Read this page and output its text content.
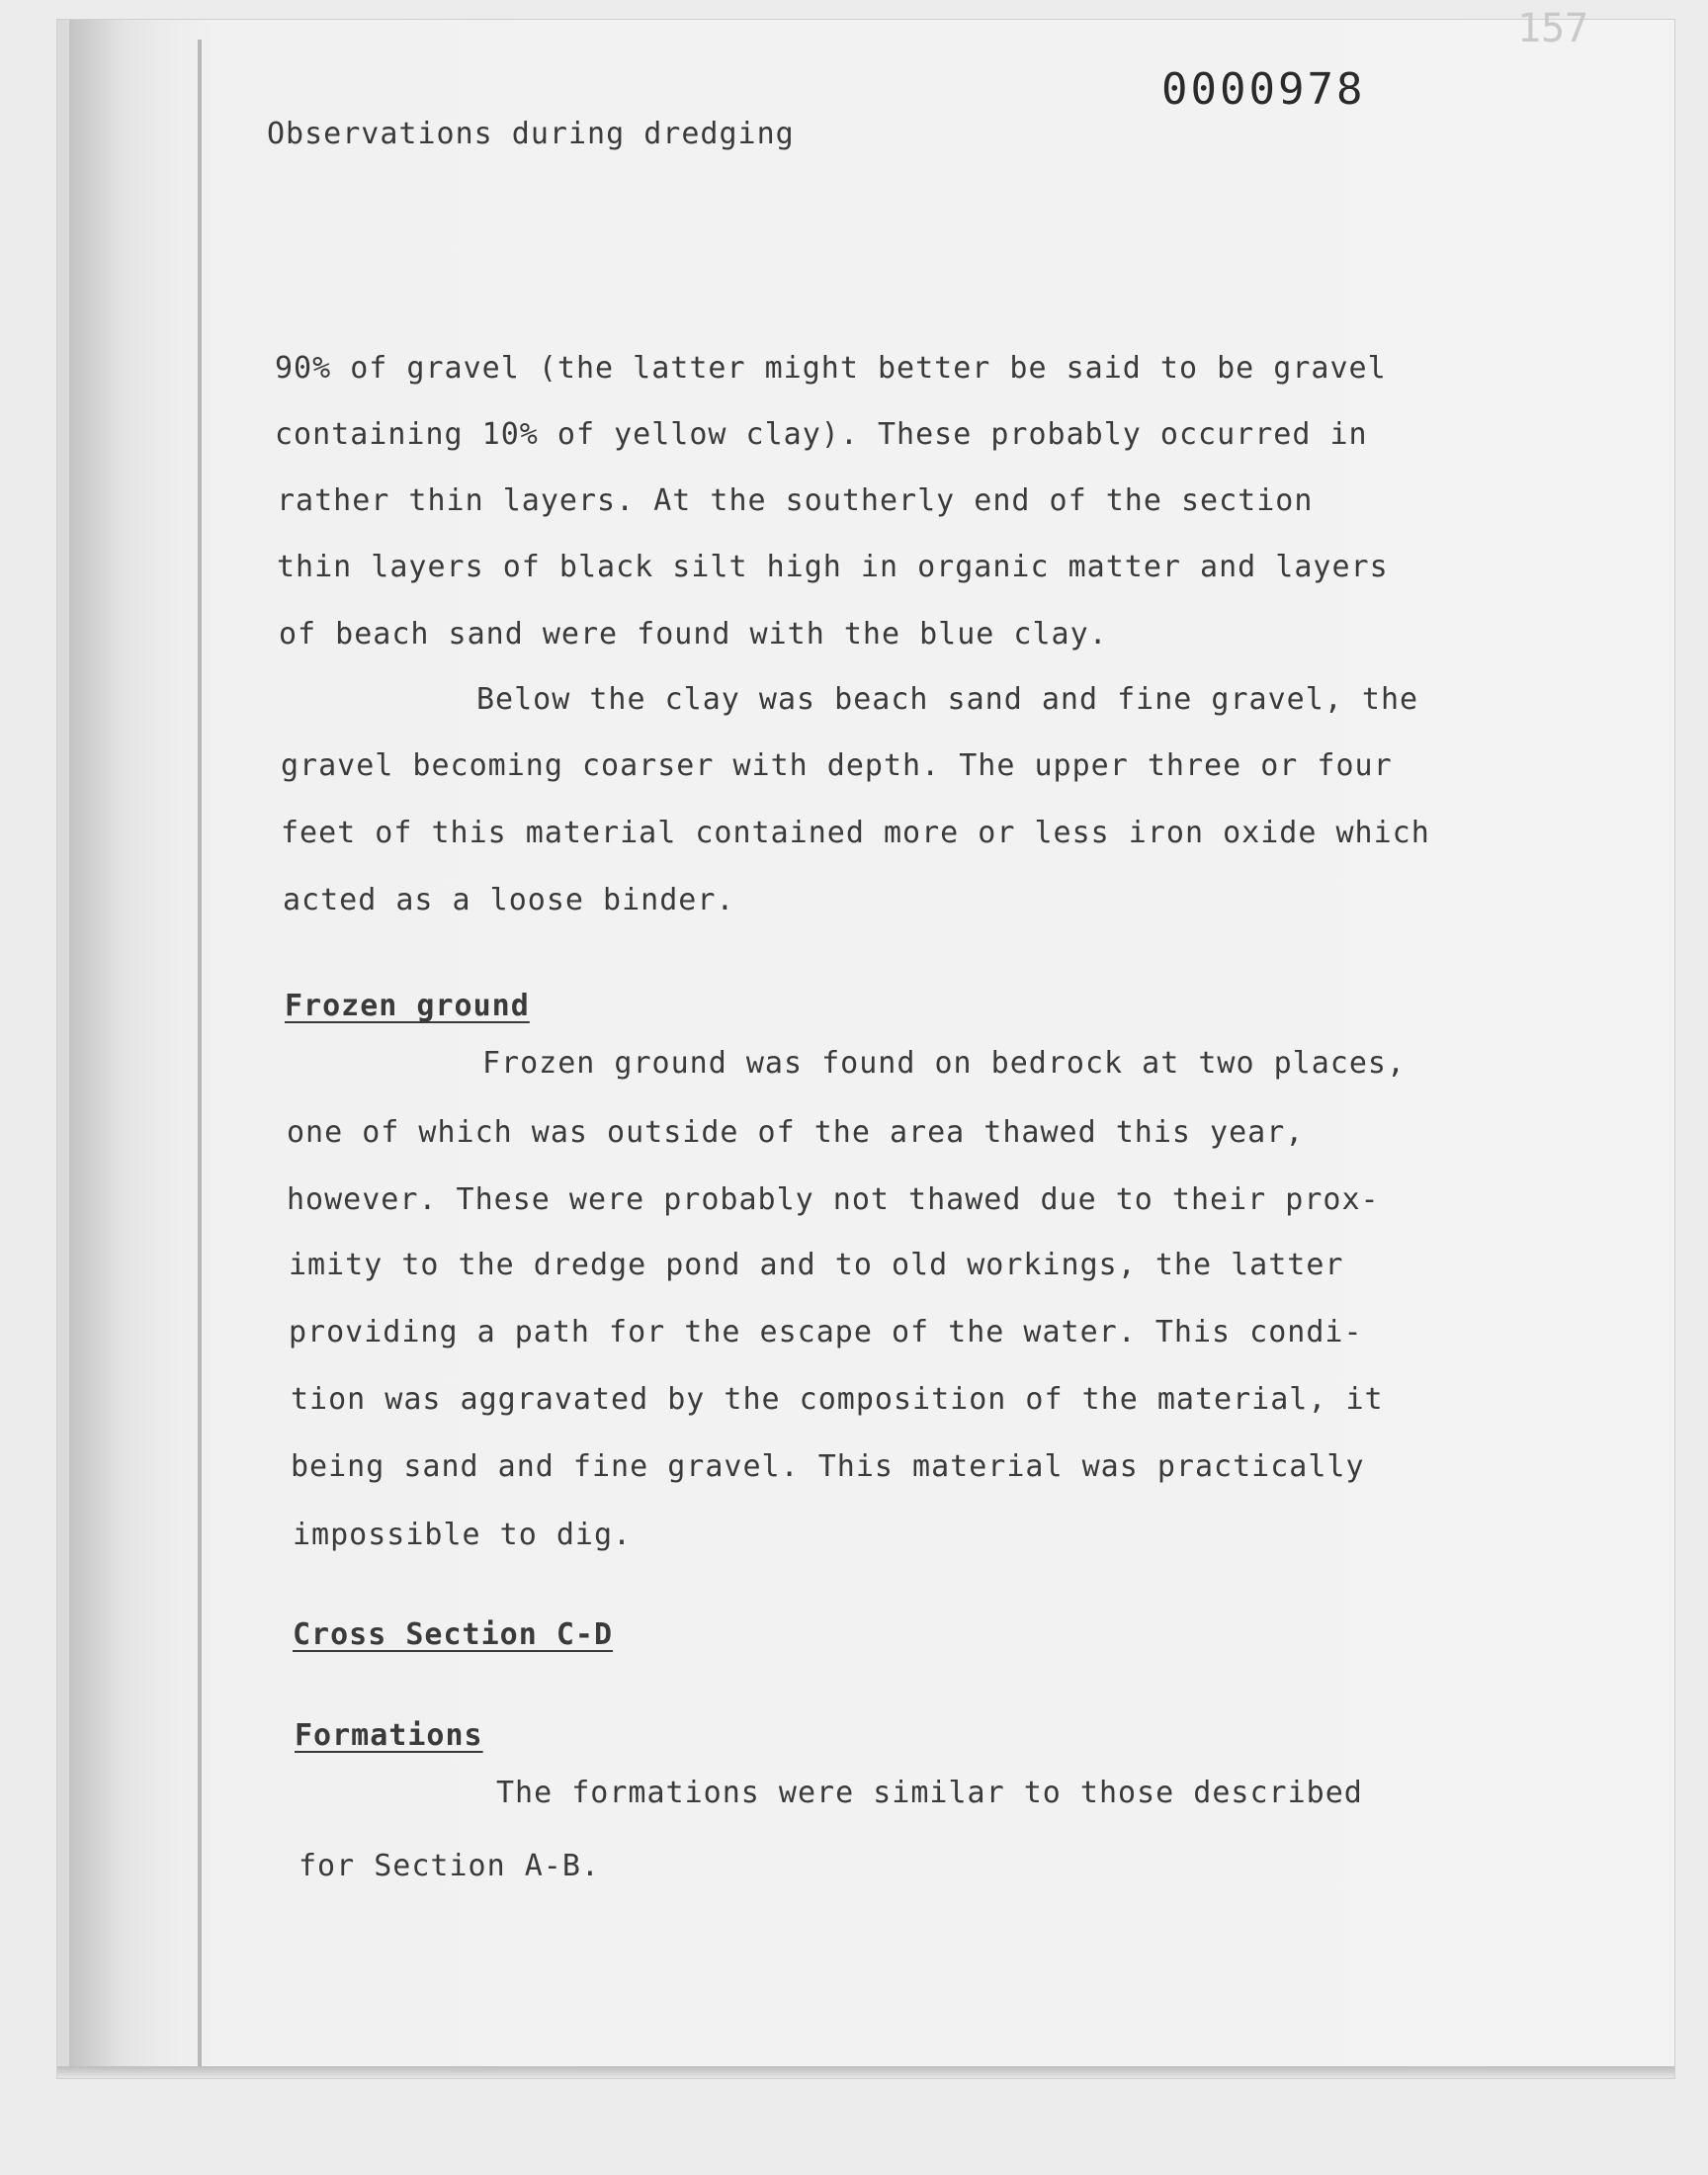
157
0000978
Observations during dredging
90% of gravel (the latter might better be said to be gravel
containing 10% of yellow clay). These probably occurred in
rather thin layers. At the southerly end of the section
thin layers of black silt high in organic matter and layers
of beach sand were found with the blue clay.
Below the clay was beach sand and fine gravel, the
gravel becoming coarser with depth. The upper three or four
feet of this material contained more or less iron oxide which
acted as a loose binder.
Frozen ground
Frozen ground was found on bedrock at two places,
one of which was outside of the area thawed this year,
however. These were probably not thawed due to their prox-
imity to the dredge pond and to old workings, the latter
providing a path for the escape of the water. This condi-
tion was aggravated by the composition of the material, it
being sand and fine gravel. This material was practically
impossible to dig.
Cross Section C-D
Formations
The formations were similar to those described
for Section A-B.
